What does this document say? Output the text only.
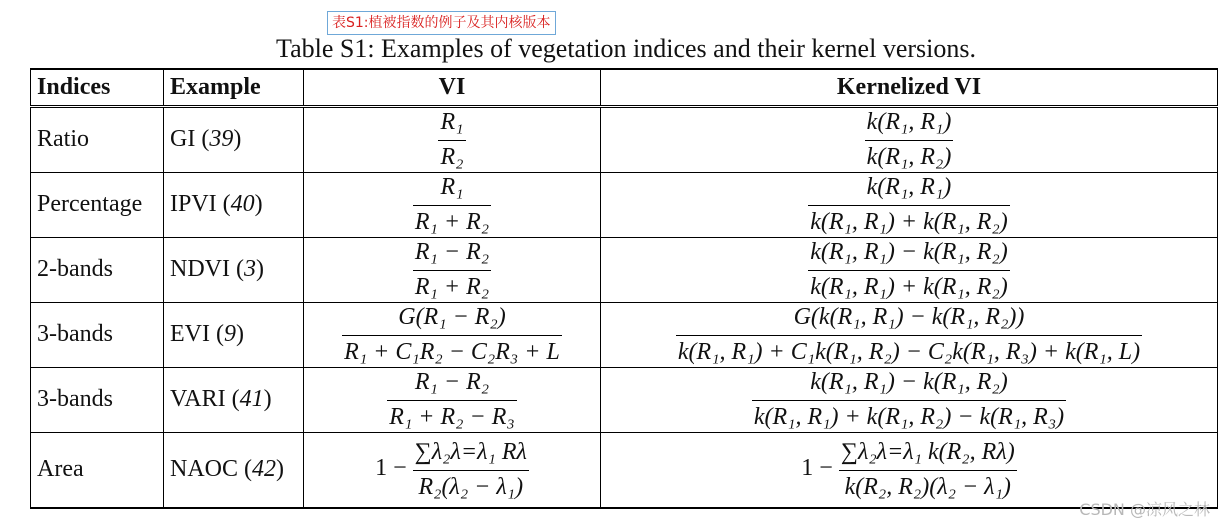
表S1:植被指数的例子及其内核版本
Table S1: Examples of vegetation indices and their kernel versions.
Indices	Example	VI	Kernelized VI
Ratio	GI (39)	$\frac{\text{R₁}}{\text{R₂}}$	$\frac{\text{k(R₁, R₁)}}{\text{k(R₁, R₂)}}$

Percentage	IPVI (40)	$\frac{\text{R₁}}{\text{R₁ + R₂}}$	$\frac{\text{k(R₁, R₁)}}{\text{k(R₁, R₁) + k(R₁, R₂)}}$

2-bands	NDVI (3)	$\frac{\text{R₁ − R₂}}{\text{R₁ + R₂}}$	$\frac{\text{k(R₁, R₁) − k(R₁, R₂)}}{\text{k(R₁, R₁) + k(R₁, R₂)}}$

3-bands	EVI (9)	$\frac{\text{G(R₁ − R₂)}}{\text{R₁ + C₁R₂ − C₂R₃ + L}}$	$\frac{\text{G(k(R₁, R₁) − k(R₁, R₂))}}{\text{k(R₁, R₁) + C₁k(R₁, R₂) − C₂k(R₁, R₃) + k(R₁, L)}}$

3-bands	VARI (41)	$\frac{\text{R₁ − R₂}}{\text{R₁ + R₂ − R₃}}$	$\frac{\text{k(R₁, R₁) − k(R₁, R₂)}}{\text{k(R₁, R₁) + k(R₁, R₂) − k(R₁, R₃)}}$

Area	NAOC (42)	$1 - \frac{\text{∑λ₂λ=λ₁ Rλ}}{\text{R₂(λ₂ − λ₁)}}$	$1 - \frac{\text{∑λ₂λ=λ₁ k(R₂, Rλ)}}{\text{k(R₂, R₂)(λ₂ − λ₁)}}$
CSDN @凉风之林
